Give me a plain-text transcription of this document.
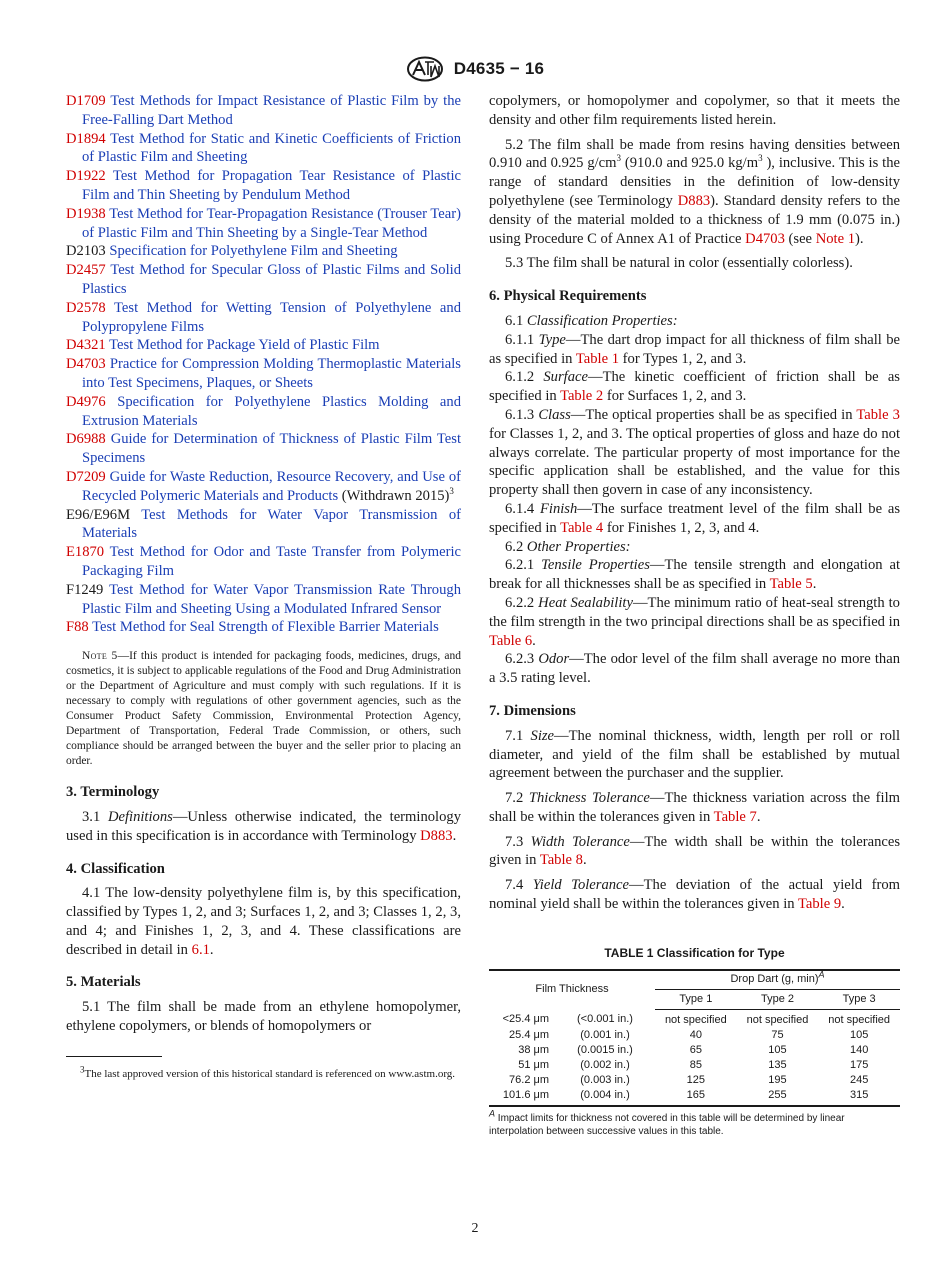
D4635 − 16
D1709 Test Methods for Impact Resistance of Plastic Film by the Free-Falling Dart Method
D1894 Test Method for Static and Kinetic Coefficients of Friction of Plastic Film and Sheeting
D1922 Test Method for Propagation Tear Resistance of Plastic Film and Thin Sheeting by Pendulum Method
D1938 Test Method for Tear-Propagation Resistance (Trouser Tear) of Plastic Film and Thin Sheeting by a Single-Tear Method
D2103 Specification for Polyethylene Film and Sheeting
D2457 Test Method for Specular Gloss of Plastic Films and Solid Plastics
D2578 Test Method for Wetting Tension of Polyethylene and Polypropylene Films
D4321 Test Method for Package Yield of Plastic Film
D4703 Practice for Compression Molding Thermoplastic Materials into Test Specimens, Plaques, or Sheets
D4976 Specification for Polyethylene Plastics Molding and Extrusion Materials
D6988 Guide for Determination of Thickness of Plastic Film Test Specimens
D7209 Guide for Waste Reduction, Resource Recovery, and Use of Recycled Polymeric Materials and Products (Withdrawn 2015)$^3$
E96/E96M Test Methods for Water Vapor Transmission of Materials
E1870 Test Method for Odor and Taste Transfer from Polymeric Packaging Film
F1249 Test Method for Water Vapor Transmission Rate Through Plastic Film and Sheeting Using a Modulated Infrared Sensor
F88 Test Method for Seal Strength of Flexible Barrier Materials
Note 5—If this product is intended for packaging foods, medicines, drugs, and cosmetics, it is subject to applicable regulations of the Food and Drug Administration or the Department of Agriculture and must comply with such regulations. If it is necessary to comply with regulations of other government agencies, such as the Consumer Product Safety Commission, Environmental Protection Agency, Department of Transportation, Federal Trade Commission, or others, such compliance should be arranged between the buyer and the seller prior to placing an order.
3. Terminology

3.1 Definitions—Unless otherwise indicated, the terminology used in this specification is in accordance with Terminology D883.

4. Classification

4.1 The low-density polyethylene film is, by this specification, classified by Types 1, 2, and 3; Surfaces 1, 2, and 3; Classes 1, 2, 3, and 4; and Finishes 1, 2, 3, and 4. These classifications are described in detail in 6.1.

5. Materials

5.1 The film shall be made from an ethylene homopolymer, ethylene copolymers, or blends of homopolymers or

$^3$The last approved version of this historical standard is referenced on www.astm.org.

copolymers, or homopolymer and copolymer, so that it meets the density and other film requirements listed herein.

5.2 The film shall be made from resins having densities between 0.910 and 0.925 $g/cm^3$ (910.0 and 925.0 $kg/m^3$ ), inclusive. This is the range of standard densities in the definition of low-density polyethylene (see Terminology D883). Standard density refers to the density of the material molded to a thickness of 1.9 mm (0.075 in.) using Procedure C of Annex A1 of Practice D4703 (see Note 1).

5.3 The film shall be natural in color (essentially colorless).

6. Physical Requirements

6.1 Classification Properties:

6.1.1 Type—The dart drop impact for all thickness of film shall be as specified in Table 1 for Types 1, 2, and 3.

6.1.2 Surface—The kinetic coefficient of friction shall be as specified in Table 2 for Surfaces 1, 2, and 3.

6.1.3 Class—The optical properties shall be as specified in Table 3 for Classes 1, 2, and 3. The optical properties of gloss and haze do not always correlate. The particular property of most importance for the specific application shall be established, and the value for this property shall then govern in case of any inconsistency.

6.1.4 Finish—The surface treatment level of the film shall be as specified in Table 4 for Finishes 1, 2, 3, and 4.

6.2 Other Properties:

6.2.1 Tensile Properties—The tensile strength and elongation at break for all thicknesses shall be as specified in Table 5.

6.2.2 Heat Sealability—The minimum ratio of heat-seal strength to the film strength in the two principal directions shall be as specified in Table 6.

6.2.3 Odor—The odor level of the film shall average no more than a 3.5 rating level.

7. Dimensions

7.1 Size—The nominal thickness, width, length per roll or roll diameter, and yield of the film shall be established by mutual agreement between the purchaser and the supplier.

7.2 Thickness Tolerance—The thickness variation across the film shall be within the tolerances given in Table 7.

7.3 Width Tolerance—The width shall be within the tolerances given in Table 8.

7.4 Yield Tolerance—The deviation of the actual yield from nominal yield shall be within the tolerances given in Table 9.

TABLE 1 Classification for Type
Film Thickness		Drop Dart (g, min)$^A$
		Type 1	Type 2	Type 3
<25.4 μm	(<0.001 in.)	not specified	not specified	not specified
25.4 μm	(0.001 in.)	40	75	105
38 μm	(0.0015 in.)	65	105	140
51 μm	(0.002 in.)	85	135	175
76.2 μm	(0.003 in.)	125	195	245
101.6 μm	(0.004 in.)	165	255	315
$^A$ Impact limits for thickness not covered in this table will be determined by linear interpolation between successive values in this table.
2
